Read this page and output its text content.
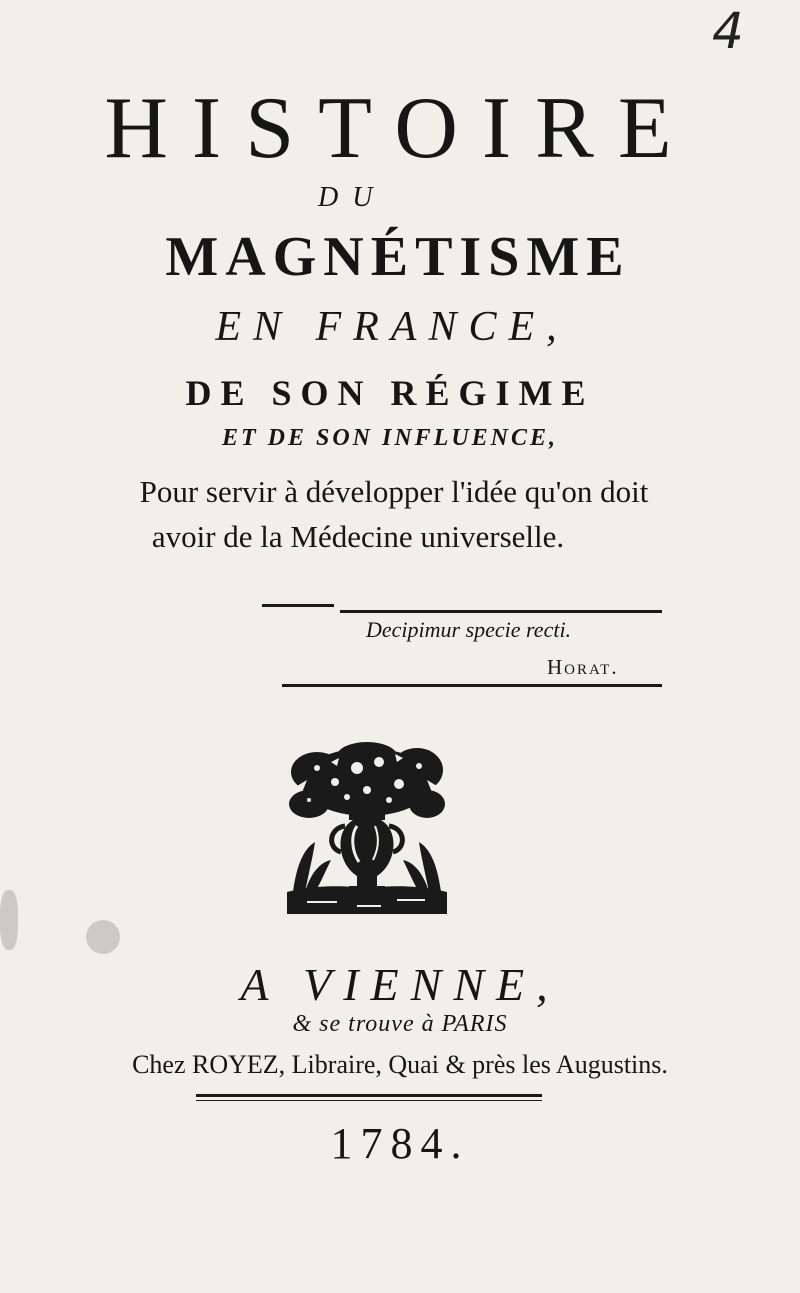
4
HISTOIRE
DU
MAGNÉTISME
EN FRANCE,
DE SON RÉGIME
ET DE SON INFLUENCE,
Pour servir à développer l'idée qu'on doit
avoir de la Médecine universelle.
Decipimur specie recti.
Horat.
A VIENNE,
& se trouve à PARIS
Chez ROYEZ, Libraire, Quai & près les Augustins.
1784.
